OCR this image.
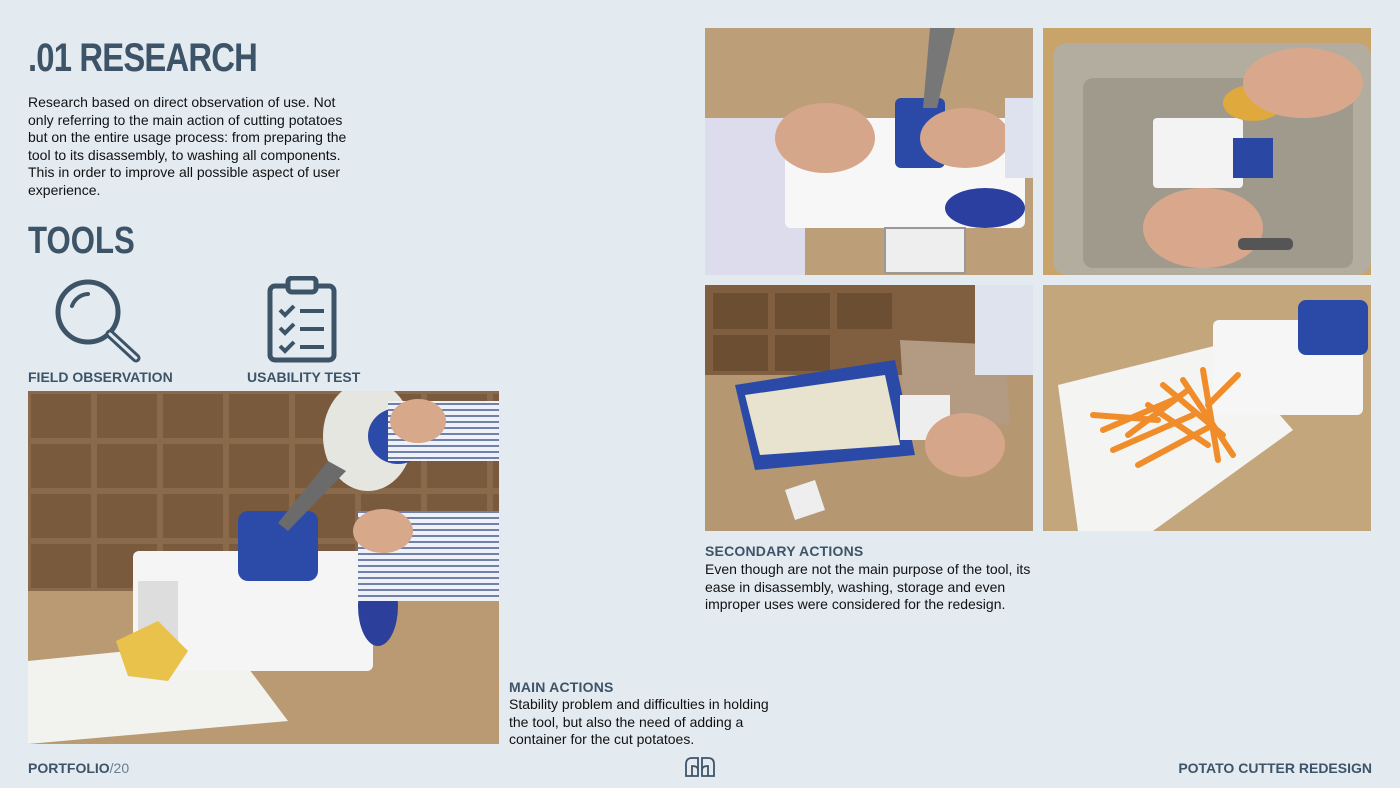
.01 RESEARCH
Research based on direct observation of use. Not only referring to the main action of cutting potatoes but on the entire usage process: from preparing the tool to its disassembly, to washing all components. This in order to improve all possible aspect of user experience.
TOOLS
FIELD OBSERVATION	USABILITY TEST
MAIN ACTIONS
Stability problem and difficulties in holding the tool, but also the need of adding a container for the cut potatoes.
SECONDARY ACTIONS
Even though are not the main purpose of the tool, its ease in disassembly, washing, storage and even improper uses were considered for the redesign.
PORTFOLIO/20	POTATO CUTTER REDESIGN
